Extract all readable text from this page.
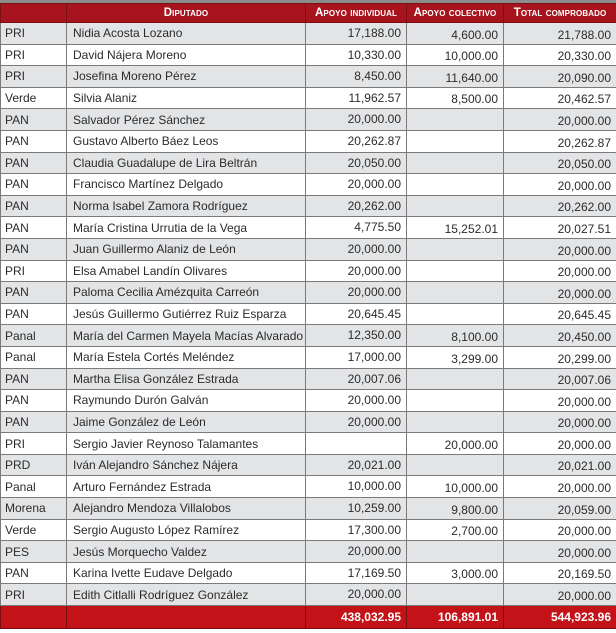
	Diputado	Apoyo individual	Apoyo colectivo	Total comprobado
PRI	Nidia Acosta Lozano	17,188.00	4,600.00	21,788.00
PRI	David Nájera Moreno	10,330.00	10,000.00	20,330.00
PRI	Josefina Moreno Pérez	8,450.00	11,640.00	20,090.00
Verde	Silvia Alaniz	11,962.57	8,500.00	20,462.57
PAN	Salvador Pérez Sánchez	20,000.00		20,000.00
PAN	Gustavo Alberto Báez Leos	20,262.87		20,262.87
PAN	Claudia Guadalupe de Lira Beltrán	20,050.00		20,050.00
PAN	Francisco Martínez Delgado	20,000.00		20,000.00
PAN	Norma Isabel Zamora Rodríguez	20,262.00		20,262.00
PAN	María Cristina Urrutia de la Vega	4,775.50	15,252.01	20,027.51
PAN	Juan Guillermo Alaniz de León	20,000.00		20,000.00
PRI	Elsa Amabel Landín Olivares	20,000.00		20,000.00
PAN	Paloma Cecilia Amézquita Carreón	20,000.00		20,000.00
PAN	Jesús Guillermo Gutiérrez Ruiz Esparza	20,645.45		20,645.45
Panal	María del Carmen Mayela Macías Alvarado	12,350.00	8,100.00	20,450.00
Panal	María Estela Cortés Meléndez	17,000.00	3,299.00	20,299.00
PAN	Martha Elisa González Estrada	20,007.06		20,007.06
PAN	Raymundo Durón Galván	20,000.00		20,000.00
PAN	Jaime González de León	20,000.00		20,000.00
PRI	Sergio Javier Reynoso Talamantes		20,000.00	20,000.00
PRD	Iván Alejandro Sánchez Nájera	20,021.00		20,021.00
Panal	Arturo Fernández Estrada	10,000.00	10,000.00	20,000.00
Morena	Alejandro Mendoza Villalobos	10,259.00	9,800.00	20,059.00
Verde	Sergio Augusto López Ramírez	17,300.00	2,700.00	20,000.00
PES	Jesús Morquecho Valdez	20,000.00		20,000.00
PAN	Karina Ivette Eudave Delgado	17,169.50	3,000.00	20,169.50
PRI	Edith Citlalli Rodríguez González	20,000.00		20,000.00
		438,032.95	106,891.01	544,923.96
